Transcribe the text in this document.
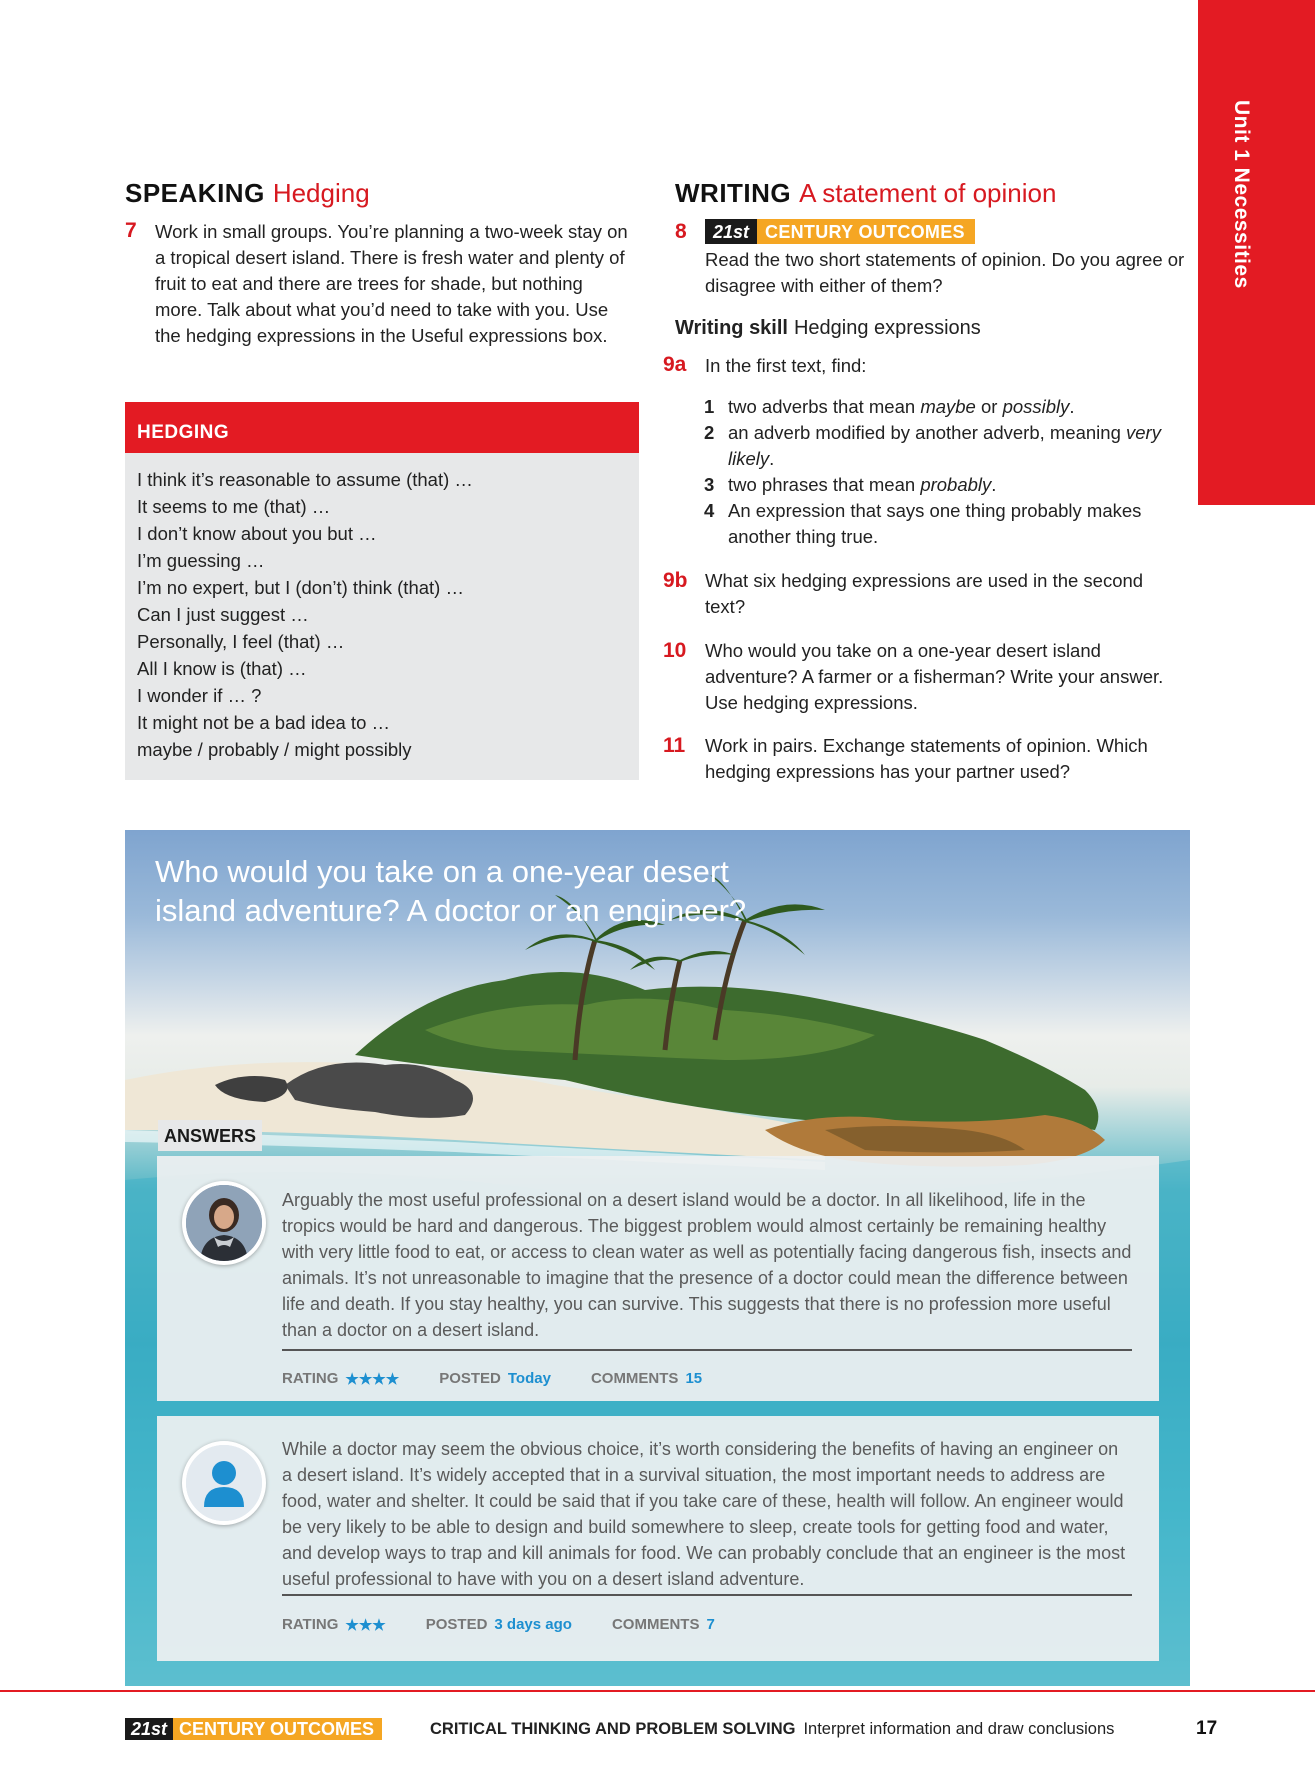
Unit 1 Necessities
SPEAKING Hedging
7 Work in small groups. You’re planning a two-week stay on a tropical desert island. There is fresh water and plenty of fruit to eat and there are trees for shade, but nothing more. Talk about what you’d need to take with you. Use the hedging expressions in the Useful expressions box.
HEDGING
I think it’s reasonable to assume (that) …
It seems to me (that) …
I don’t know about you but …
I’m guessing …
I’m no expert, but I (don’t) think (that) …
Can I just suggest …
Personally, I feel (that) …
All I know is (that) …
I wonder if … ?
It might not be a bad idea to …
maybe / probably / might possibly
WRITING A statement of opinion
8	21st CENTURY OUTCOMES
Read the two short statements of opinion. Do you agree or disagree with either of them?
Writing skill Hedging expressions
9a In the first text, find:
1 two adverbs that mean maybe or possibly.
2 an adverb modified by another adverb, meaning very likely.
3 two phrases that mean probably.
4 An expression that says one thing probably makes another thing true.
9b What six hedging expressions are used in the second text?
10 Who would you take on a one-year desert island adventure? A farmer or a fisherman? Write your answer. Use hedging expressions.
11 Work in pairs. Exchange statements of opinion. Which hedging expressions has your partner used?
Who would you take on a one-year desert island adventure? A doctor or an engineer?
ANSWERS
Arguably the most useful professional on a desert island would be a doctor. In all likelihood, life in the tropics would be hard and dangerous. The biggest problem would almost certainly be remaining healthy with very little food to eat, or access to clean water as well as potentially facing dangerous fish, insects and animals. It’s not unreasonable to imagine that the presence of a doctor could mean the difference between life and death. If you stay healthy, you can survive. This suggests that there is no profession more useful than a doctor on a desert island.
RATING ★★★★	POSTED Today	COMMENTS 15
While a doctor may seem the obvious choice, it’s worth considering the benefits of having an engineer on a desert island. It’s widely accepted that in a survival situation, the most important needs to address are food, water and shelter. It could be said that if you take care of these, health will follow. An engineer would be very likely to be able to design and build somewhere to sleep, create tools for getting food and water, and develop ways to trap and kill animals for food. We can probably conclude that an engineer is the most useful professional to have with you on a desert island adventure.
RATING ★★★	POSTED 3 days ago	COMMENTS 7
21st CENTURY OUTCOMES	CRITICAL THINKING AND PROBLEM SOLVING Interpret information and draw conclusions	17
